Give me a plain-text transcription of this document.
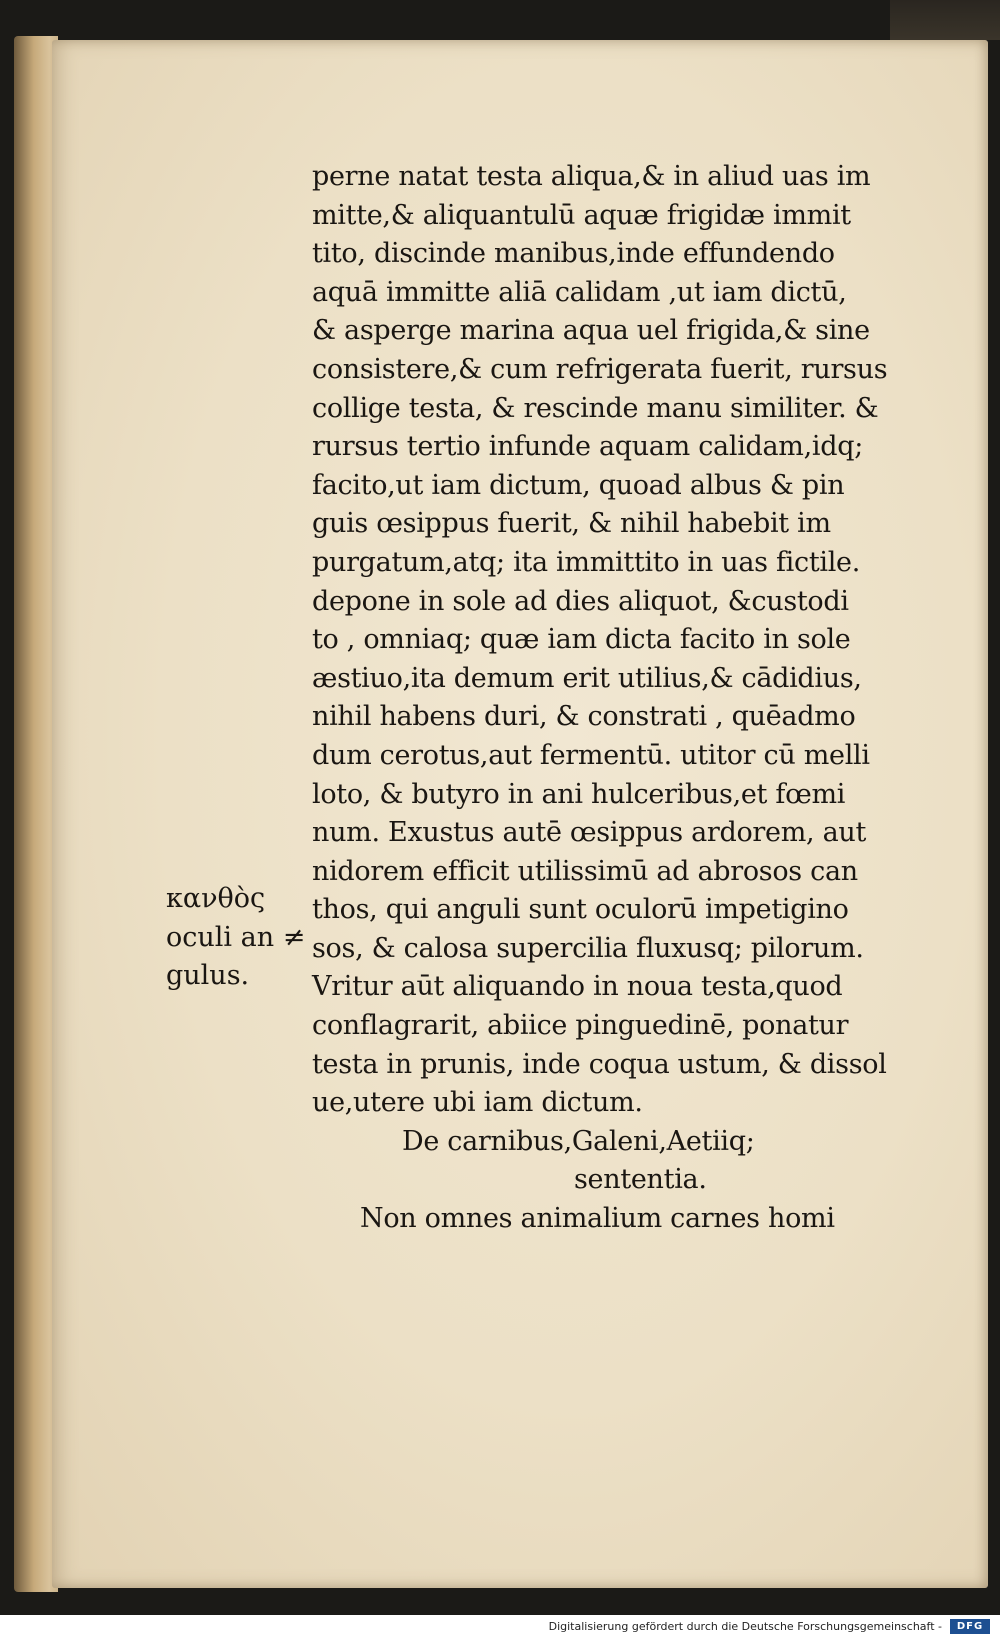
κανθὸς
oculi an ≠
gulus.
perne natat testa aliqua,& in aliud uas im
mitte,& aliquantulū aquæ frigidæ immit
tito, discinde manibus,inde effundendo
aquā immitte aliā calidam ,ut iam dictū,
& asperge marina aqua uel frigida,& sine
consistere,& cum refrigerata fuerit, rursus
collige testa, & rescinde manu similiter. &
rursus tertio infunde aquam calidam,idq;
facito,ut iam dictum, quoad albus & pin
guis œsippus fuerit, & nihil habebit im
purgatum,atq; ita immittito in uas fictile.
depone in sole ad dies aliquot, &custodi
to , omniaq; quæ iam dicta facito in sole
æstiuo,ita demum erit utilius,& cādidius,
nihil habens duri, & constrati , quēadmo
dum cerotus,aut fermentū. utitor cū melli
loto, & butyro in ani hulceribus,et fœmi
num. Exustus autē œsippus ardorem, aut
nidorem efficit utilissimū ad abrosos can
thos, qui anguli sunt oculorū impetigino
sos, & calosa supercilia fluxusq; pilorum.
Vritur aūt aliquando in noua testa,quod
conflagrarit, abiice pinguedinē, ponatur
testa in prunis, inde coqua ustum, & dissol
ue,utere ubi iam dictum.
De carnibus,Galeni,Aetiiq;
sententia.
Non omnes animalium carnes homi
Digitalisierung gefördert durch die Deutsche Forschungsgemeinschaft -	DFG
